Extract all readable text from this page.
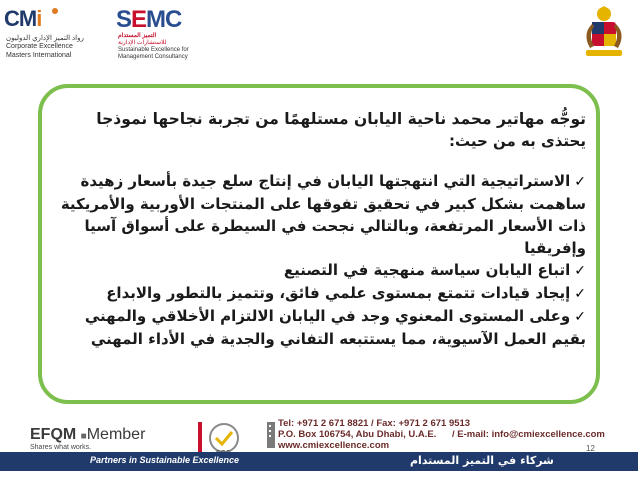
CMi
رواد التميز الإداري الدوليون
Corporate Excellence
Masters International
SEMC
التميز المستدام
للاستشارات الإدارية
Sustainable Excellence for
Management Consultancy
توجُّه مهاتير محمد ناحية اليابان مستلهمًا من تجربة نجاحها نموذجا
يحتذى به من حيث:
✓الاستراتيجية التي انتهجتها اليابان في إنتاج سلع جيدة بأسعار زهيدة ساهمت بشكل كبير في تحقيق تفوقها على المنتجات الأوربية والأمريكية ذات الأسعار المرتفعة، وبالتالي نجحت في السيطرة على أسواق آسيا وإفريقيا
✓اتباع اليابان سياسة منهجية في التصنيع
✓إيجاد قيادات تتمتع بمستوى علمي فائق، وتتميز بالتطور والابداع
✓وعلى المستوى المعنوي وجد في اليابان الالتزام الأخلاقي والمهني بقيم العمل الآسيوية، مما يستتبعه التفاني والجدية في الأداء المهني
EFQM ■Member
Shares what works.
Tel: +971 2 671 8821 / Fax: +971 2 671 9513
P.O. Box 106754, Abu Dhabi, U.A.E.	/ E-mail: info@cmiexcellence.com
www.cmiexcellence.com
Partners in Sustainable Excellence	شركاء في التميز المستدام
12
